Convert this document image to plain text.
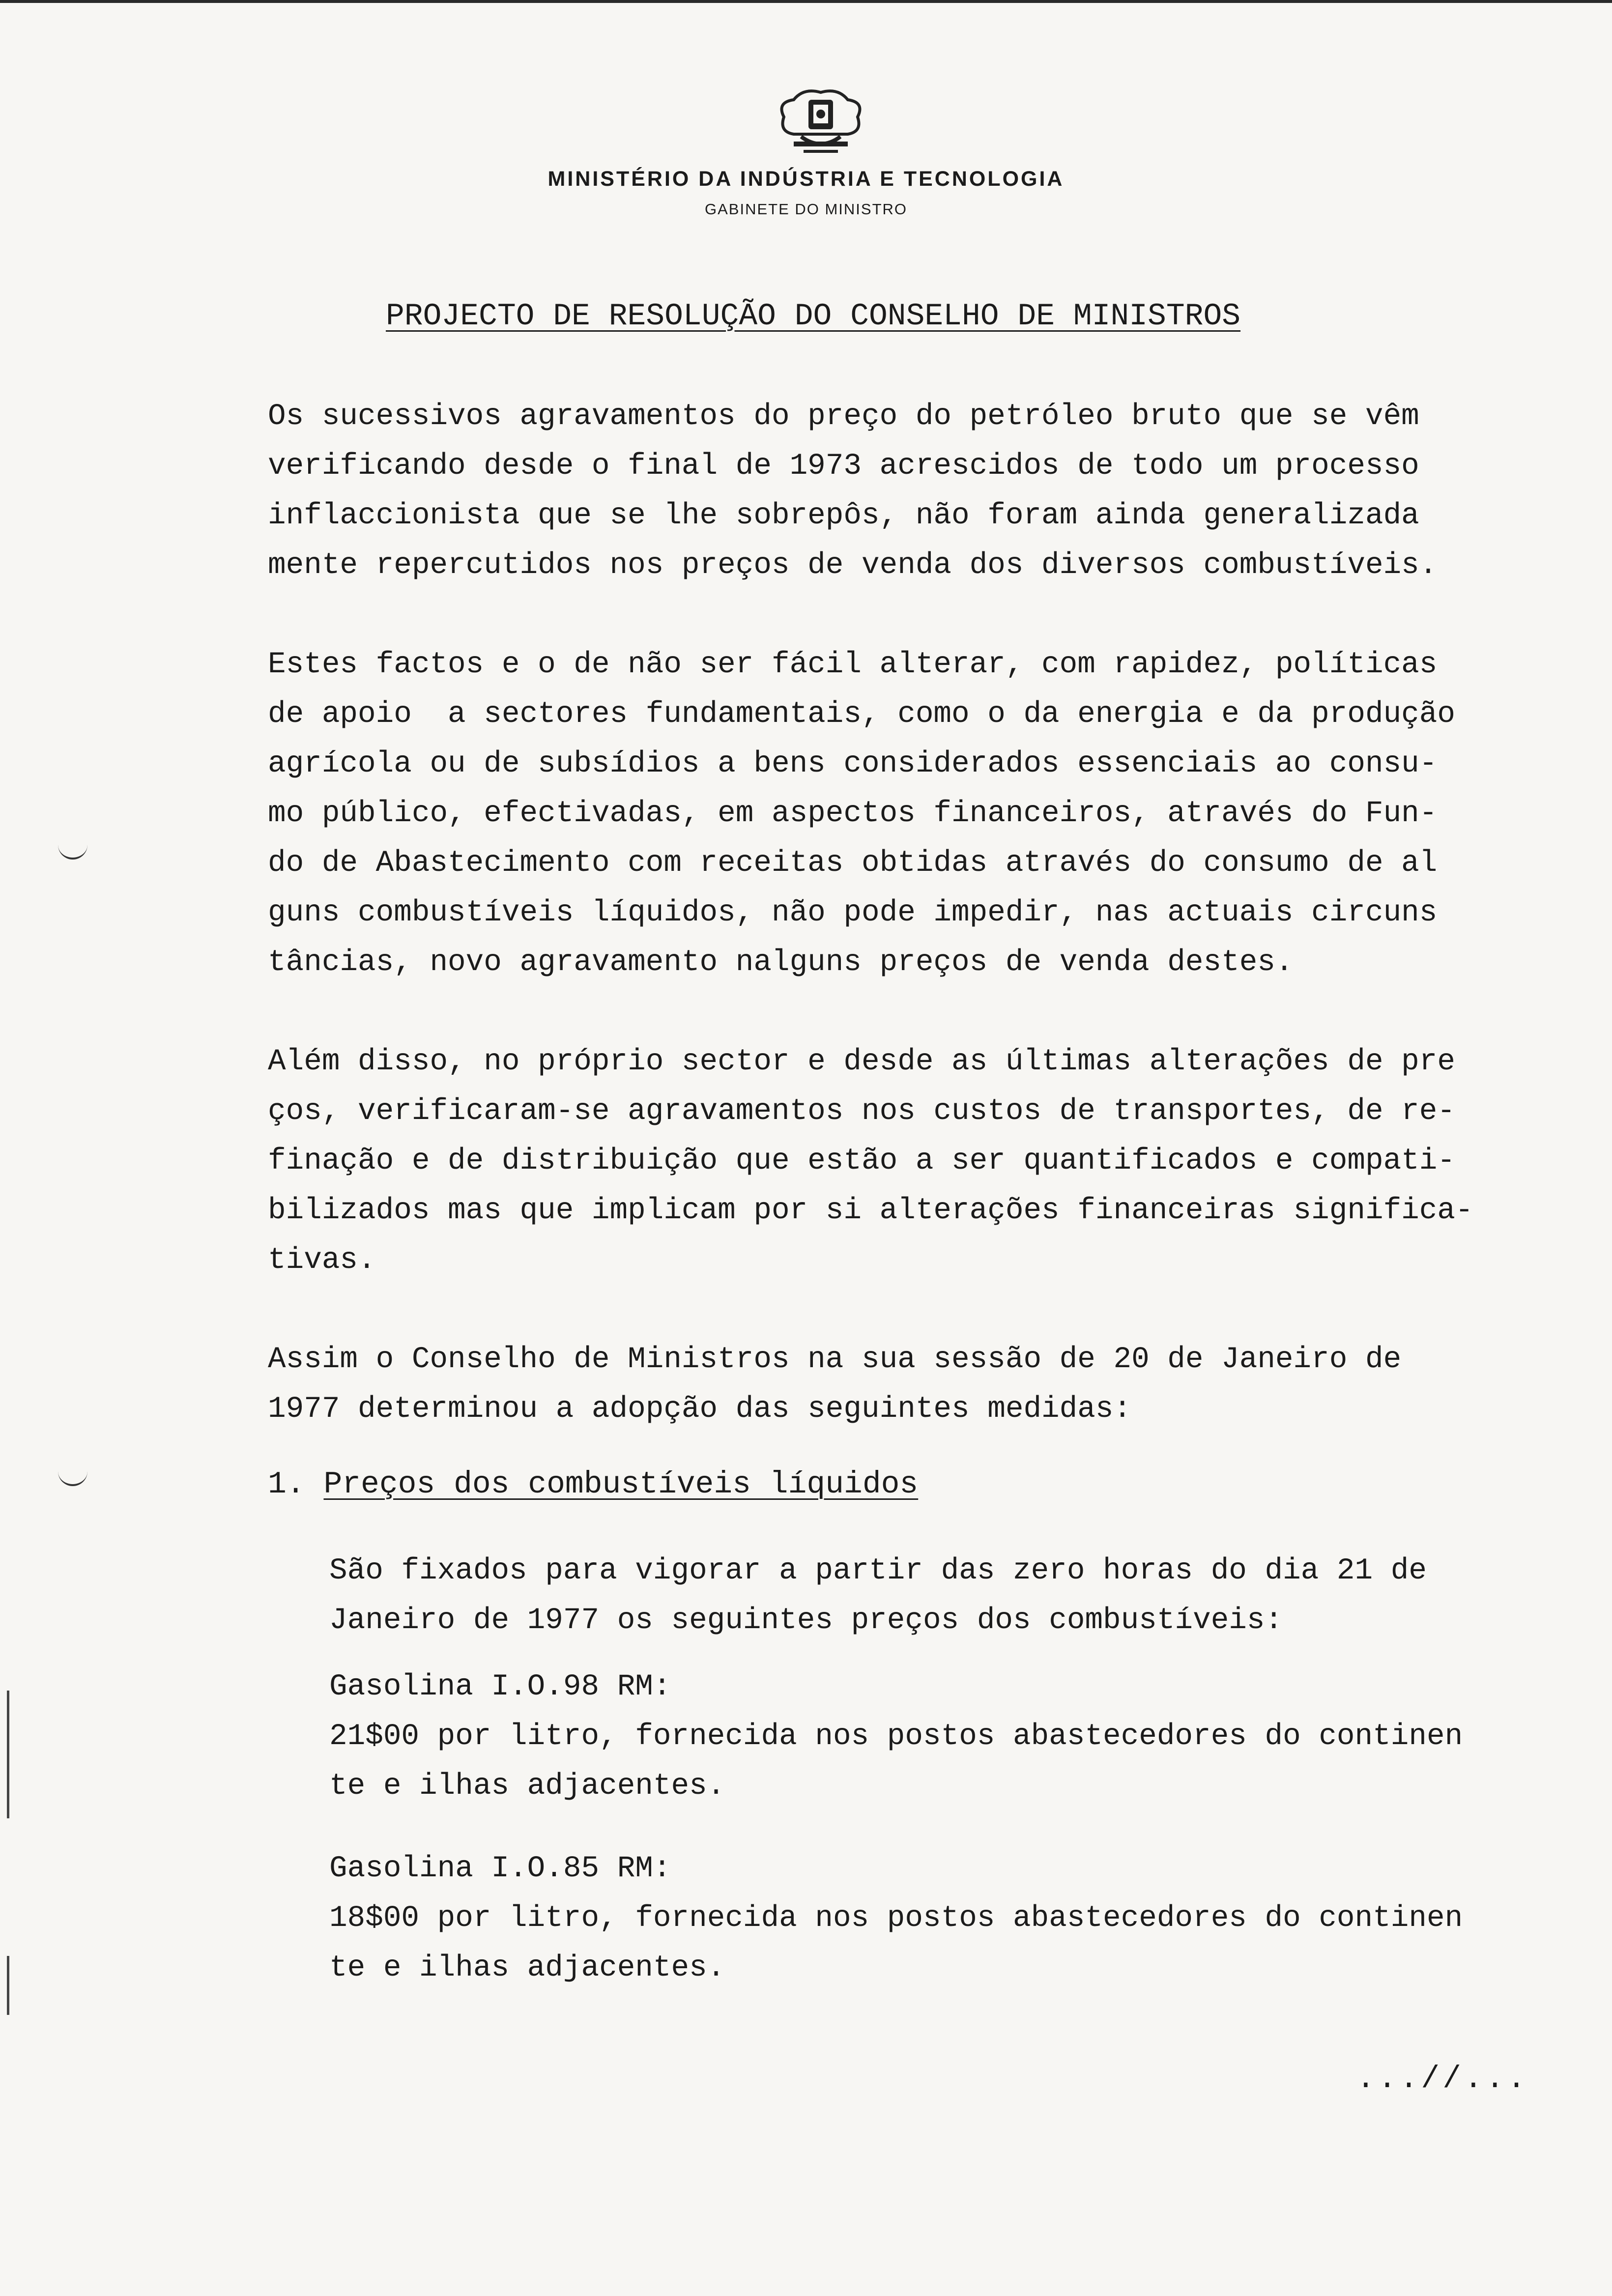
MINISTÉRIO DA INDÚSTRIA E TECNOLOGIA
GABINETE DO MINISTRO
PROJECTO DE RESOLUÇÃO DO CONSELHO DE MINISTROS
Os sucessivos agravamentos do preço do petróleo bruto que se vêm
verificando desde o final de 1973 acrescidos de todo um processo
inflaccionista que se lhe sobrepôs, não foram ainda generalizada
mente repercutidos nos preços de venda dos diversos combustíveis.
Estes factos e o de não ser fácil alterar, com rapidez, políticas
de apoio  a sectores fundamentais, como o da energia e da produção
agrícola ou de subsídios a bens considerados essenciais ao consu-
mo público, efectivadas, em aspectos financeiros, através do Fun-
do de Abastecimento com receitas obtidas através do consumo de al
guns combustíveis líquidos, não pode impedir, nas actuais circuns
tâncias, novo agravamento nalguns preços de venda destes.
Além disso, no próprio sector e desde as últimas alterações de pre
ços, verificaram-se agravamentos nos custos de transportes, de re-
finação e de distribuição que estão a ser quantificados e compati-
bilizados mas que implicam por si alterações financeiras significa-
tivas.
Assim o Conselho de Ministros na sua sessão de 20 de Janeiro de
1977 determinou a adopção das seguintes medidas:
1. Preços dos combustíveis líquidos
São fixados para vigorar a partir das zero horas do dia 21 de
Janeiro de 1977 os seguintes preços dos combustíveis:
Gasolina I.O.98 RM:
21$00 por litro, fornecida nos postos abastecedores do continen
te e ilhas adjacentes.
Gasolina I.O.85 RM:
18$00 por litro, fornecida nos postos abastecedores do continen
te e ilhas adjacentes.
...//...
